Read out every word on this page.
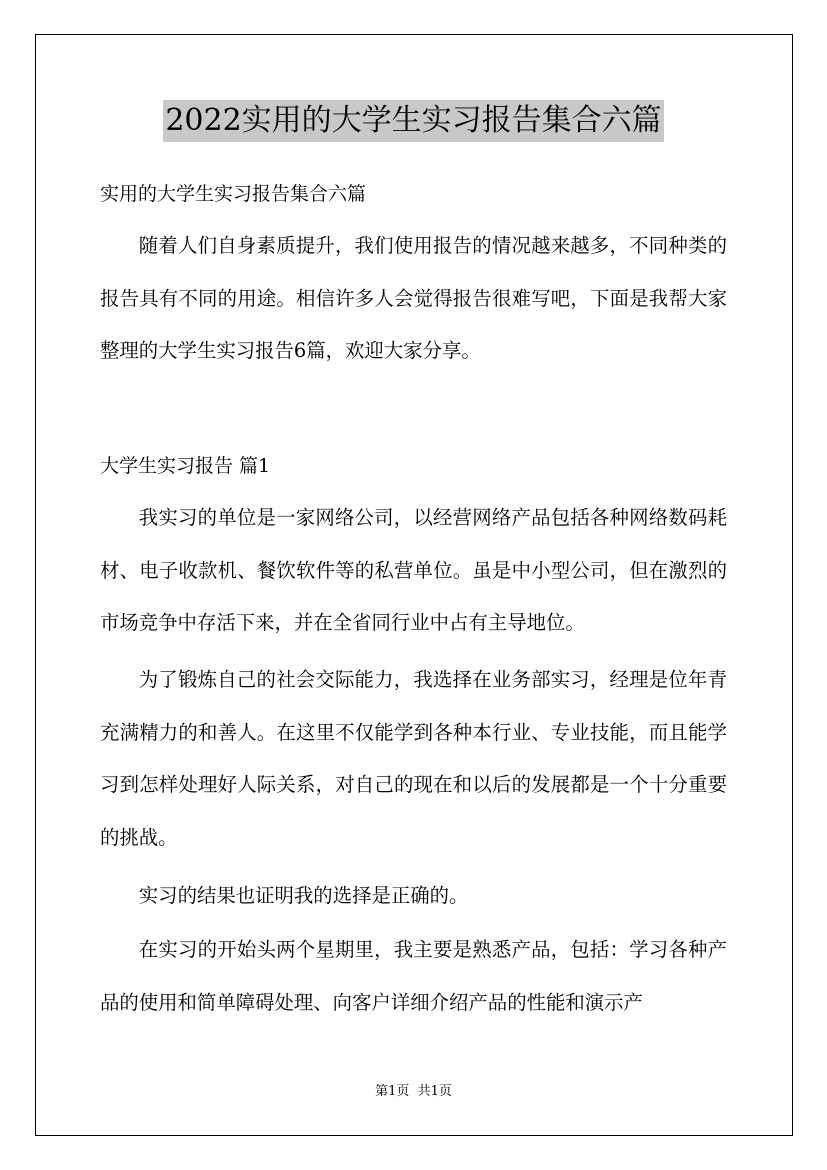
2022实用的大学生实习报告集合六篇
实用的大学生实习报告集合六篇

随着人们自身素质提升，我们使用报告的情况越来越多，不同种类的报告具有不同的用途。相信许多人会觉得报告很难写吧，下面是我帮大家整理的大学生实习报告6篇，欢迎大家分享。

大学生实习报告 篇1

我实习的单位是一家网络公司，以经营网络产品包括各种网络数码耗材、电子收款机、餐饮软件等的私营单位。虽是中小型公司，但在激烈的市场竞争中存活下来，并在全省同行业中占有主导地位。

为了锻炼自己的社会交际能力，我选择在业务部实习，经理是位年青充满精力的和善人。在这里不仅能学到各种本行业、专业技能，而且能学习到怎样处理好人际关系，对自己的现在和以后的发展都是一个十分重要的挑战。

实习的结果也证明我的选择是正确的。

在实习的开始头两个星期里，我主要是熟悉产品，包括：学习各种产品的使用和简单障碍处理、向客户详细介绍产品的性能和演示产

第1页  共1页
